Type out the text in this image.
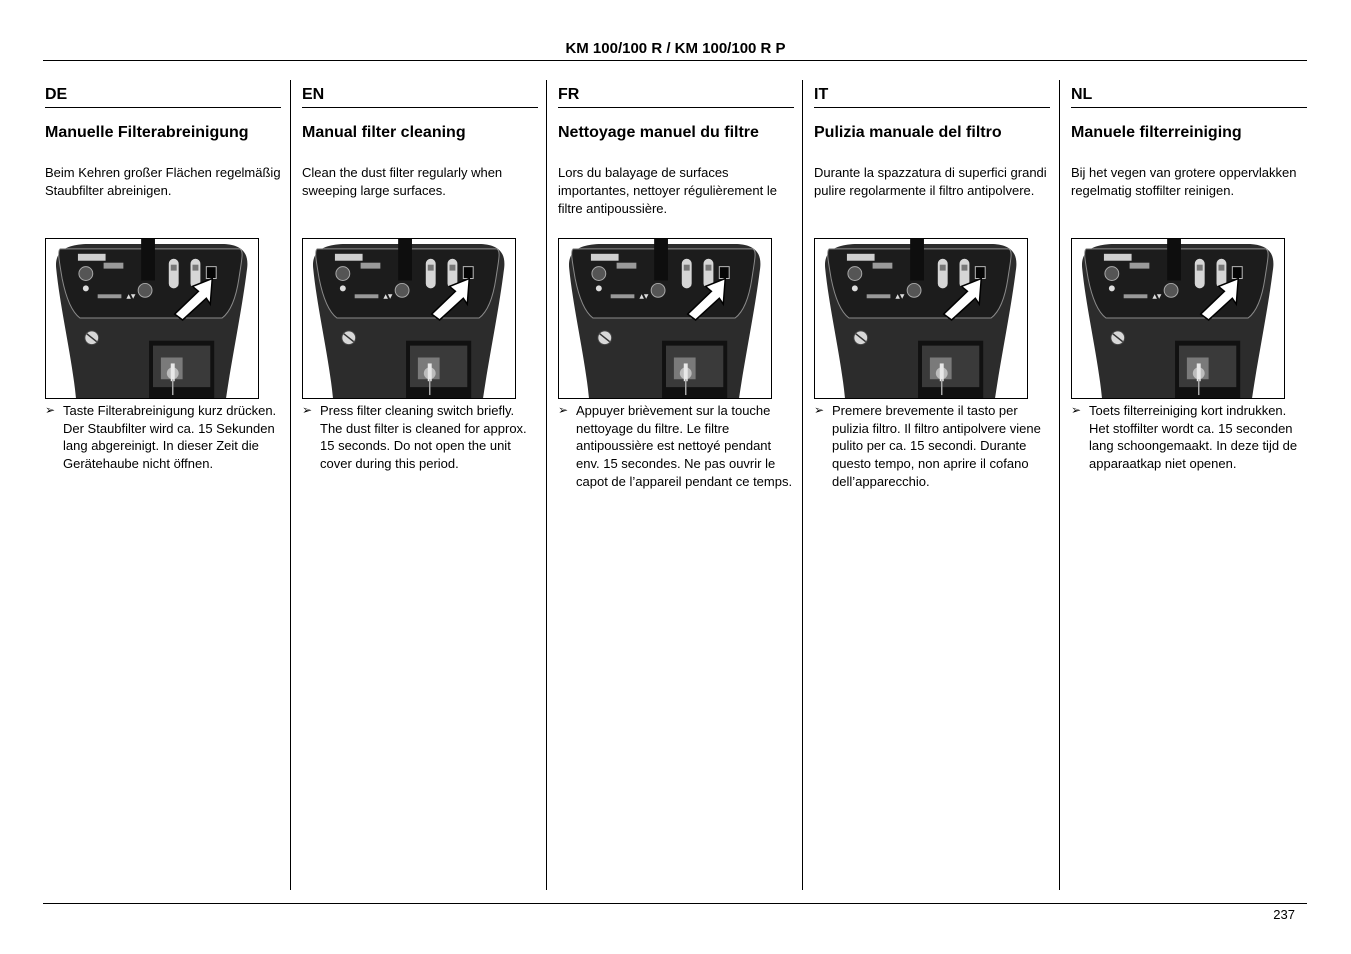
KM 100/100 R / KM 100/100 R P
DE
Manuelle Filterabreinigung
Beim Kehren großer Flächen regelmäßig Staubfilter abreinigen.
➢ Taste Filterabreinigung kurz drücken. Der Staubfilter wird ca. 15 Sekunden lang abgereinigt. In dieser Zeit die Gerätehaube nicht öffnen.
EN
Manual filter cleaning
Clean the dust filter regularly when sweeping large surfaces.
➢ Press filter cleaning switch briefly. The dust filter is cleaned for approx. 15 seconds. Do not open the unit cover during this period.
FR
Nettoyage manuel du filtre
Lors du balayage de surfaces importantes, nettoyer régulièrement le filtre antipoussière.
➢ Appuyer brièvement sur la touche nettoyage du filtre. Le filtre antipoussière est nettoyé pendant env. 15 secondes. Ne pas ouvrir le capot de l’appareil pendant ce temps.
IT
Pulizia manuale del filtro
Durante la spazzatura di superfici grandi pulire regolarmente il filtro antipolvere.
➢ Premere brevemente il tasto per pulizia filtro. Il filtro antipolvere viene pulito per ca. 15 secondi. Durante questo tempo, non aprire il cofano dell’apparecchio.
NL
Manuele filterreiniging
Bij het vegen van grotere oppervlakken regelmatig stoffilter reinigen.
➢ Toets filterreiniging kort indrukken. Het stoffilter wordt ca. 15 seconden lang schoongemaakt. In deze tijd de apparaatkap niet openen.
237
